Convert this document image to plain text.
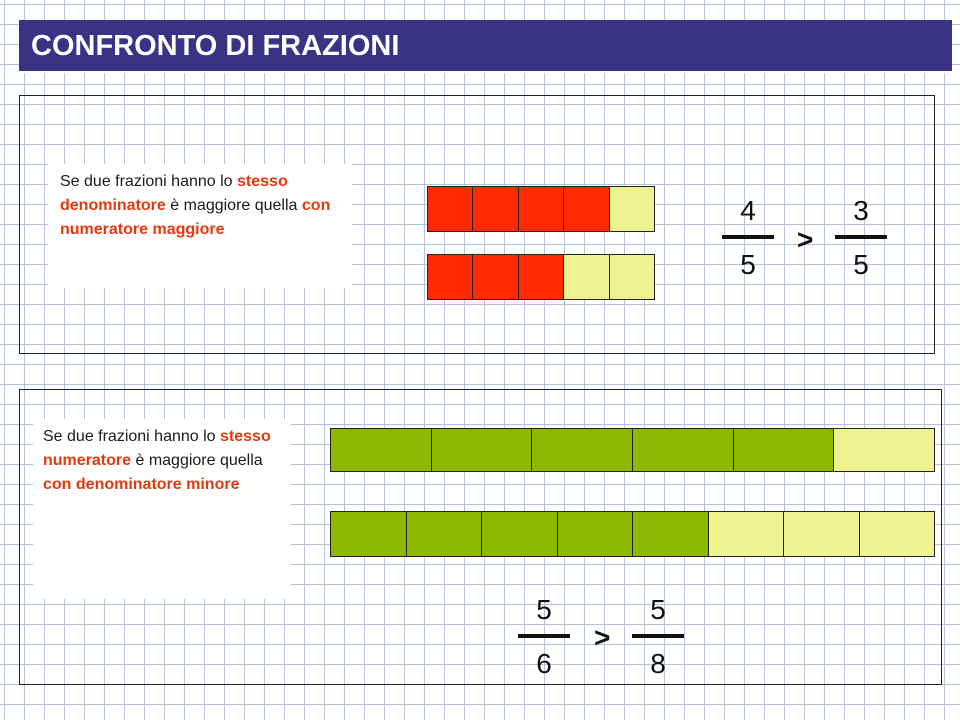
CONFRONTO DI FRAZIONI
Se due frazioni hanno lo stesso denominatore è maggiore quella con numeratore maggiore
4
5
>
3
5
Se due frazioni hanno lo stesso numeratore è maggiore quella con denominatore minore
5
6
>
5
8
